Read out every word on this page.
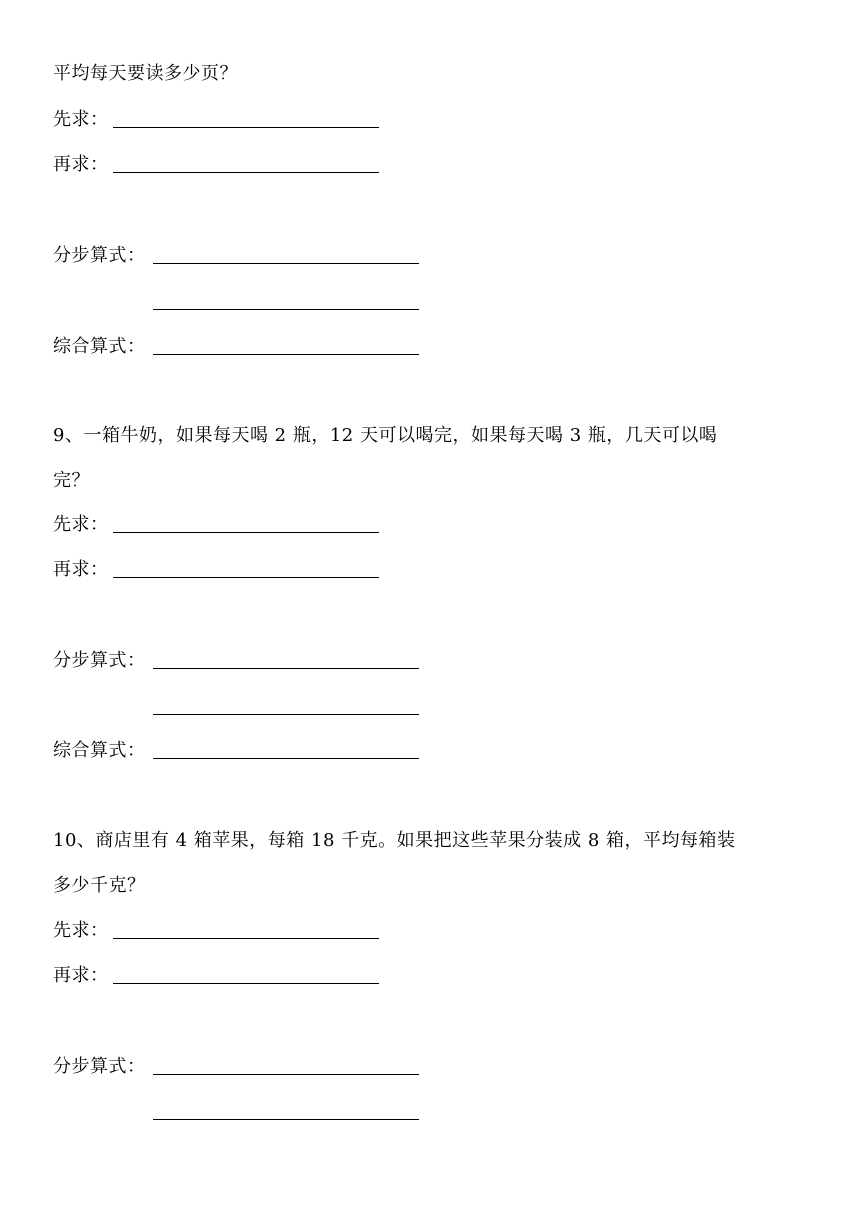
平均每天要读多少页？
先求：
再求：
分步算式：
综合算式：
9、一箱牛奶，如果每天喝 2 瓶，12 天可以喝完，如果每天喝 3 瓶，几天可以喝
完？
先求：
再求：
分步算式：
综合算式：
10、商店里有 4 箱苹果，每箱 18 千克。如果把这些苹果分装成 8 箱，平均每箱装
多少千克？
先求：
再求：
分步算式：
